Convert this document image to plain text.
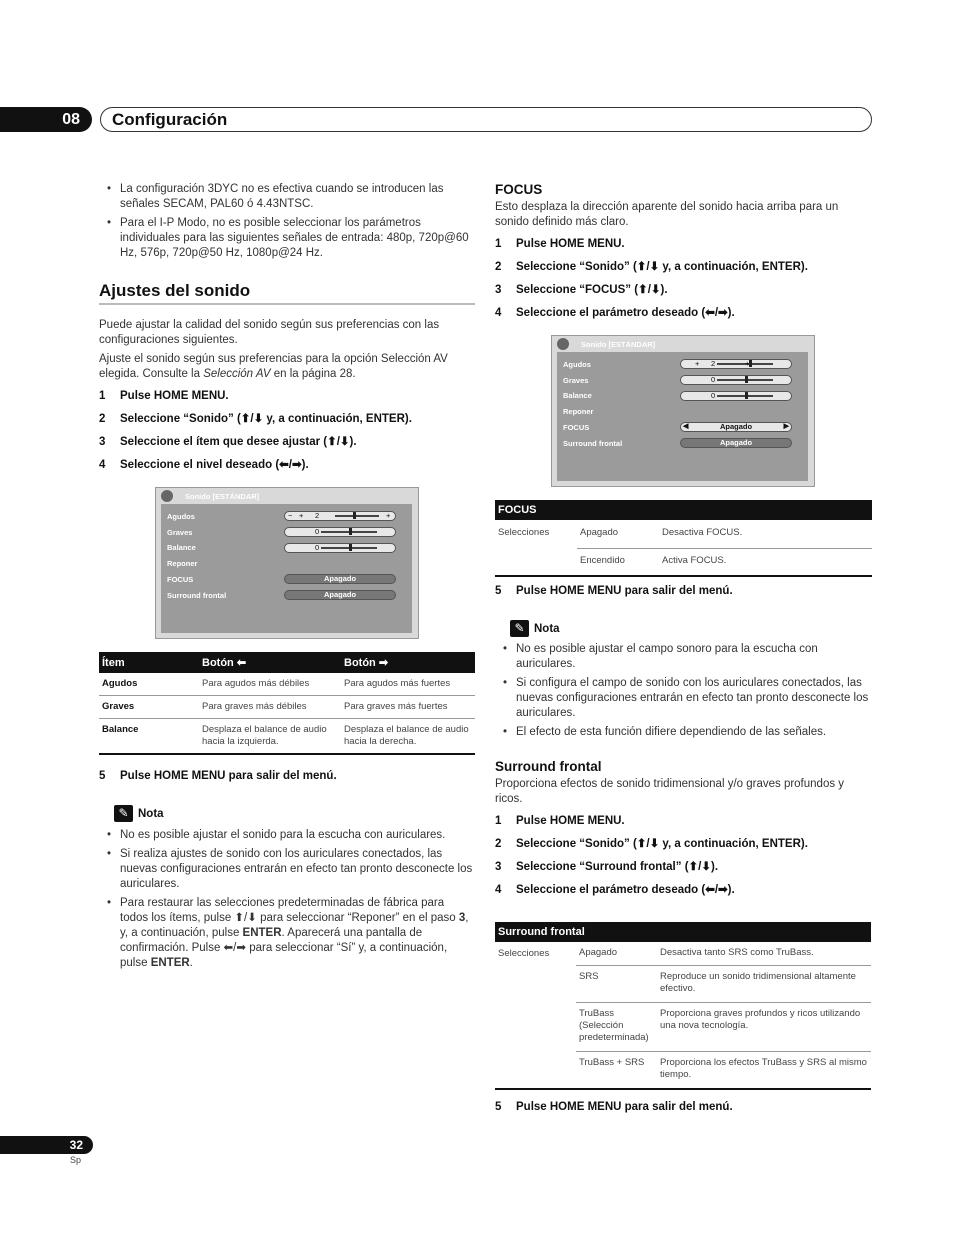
08	Configuración
• La configuración 3DYC no es efectiva cuando se introducen las señales SECAM, PAL60 ó 4.43NTSC.
• Para el I-P Modo, no es posible seleccionar los parámetros individuales para las siguientes señales de entrada: 480p, 720p@60 Hz, 576p, 720p@50 Hz, 1080p@24 Hz.
Ajustes del sonido
Puede ajustar la calidad del sonido según sus preferencias con las configuraciones siguientes.
Ajuste el sonido según sus preferencias para la opción Selección AV elegida. Consulte la Selección AV en la página 28.
1 Pulse HOME MENU.
2 Seleccione “Sonido” (⬆/⬇ y, a continuación, ENTER).
3 Seleccione el ítem que desee ajustar (⬆/⬇).
4 Seleccione el nivel deseado (⬅/➡).
Sonido [ESTÁNDAR]
Agudos
Graves
Balance
Reponer
FOCUS
Surround frontal
− + 2	+
0
0
Apagado
Apagado
Ítem	Botón ⬅	Botón ➡
Agudos	Para agudos más débiles	Para agudos más fuertes
Graves	Para graves más débiles	Para graves más fuertes
Balance	Desplaza el balance de audio hacia la izquierda.	Desplaza el balance de audio hacia la derecha.
5 Pulse HOME MENU para salir del menú.
✎ Nota
• No es posible ajustar el sonido para la escucha con auriculares.
• Si realiza ajustes de sonido con los auriculares conectados, las nuevas configuraciones entrarán en efecto tan pronto desconecte los auriculares.
• Para restaurar las selecciones predeterminadas de fábrica para todos los ítems, pulse ⬆/⬇ para seleccionar “Reponer” en el paso 3, y, a continuación, pulse ENTER. Aparecerá una pantalla de confirmación. Pulse ⬅/➡ para seleccionar “Sí” y, a continuación, pulse ENTER.
FOCUS
Esto desplaza la dirección aparente del sonido hacia arriba para un sonido definido más claro.
1 Pulse HOME MENU.
2 Seleccione “Sonido” (⬆/⬇ y, a continuación, ENTER).
3 Seleccione “FOCUS” (⬆/⬇).
4 Seleccione el parámetro deseado (⬅/➡).
Sonido [ESTÁNDAR]
Agudos
Graves
Balance
Reponer
FOCUS
Surround frontal
+ 2	+
0
0
◀	Apagado	▶
Apagado
FOCUS		
Selecciones	Apagado	Desactiva FOCUS.
	Encendido	Activa FOCUS.
5 Pulse HOME MENU para salir del menú.
✎ Nota
• No es posible ajustar el campo sonoro para la escucha con auriculares.
• Si configura el campo de sonido con los auriculares conectados, las nuevas configuraciones entrarán en efecto tan pronto desconecte los auriculares.
• El efecto de esta función difiere dependiendo de las señales.
Surround frontal
Proporciona efectos de sonido tridimensional y/o graves profundos y ricos.
1 Pulse HOME MENU.
2 Seleccione “Sonido” (⬆/⬇ y, a continuación, ENTER).
3 Seleccione “Surround frontal” (⬆/⬇).
4 Seleccione el parámetro deseado (⬅/➡).
Surround frontal		
Selecciones	Apagado	Desactiva tanto SRS como TruBass.
	SRS	Reproduce un sonido tridimensional altamente efectivo.
	TruBass (Selección predeterminada)	Proporciona graves profundos y ricos utilizando una nova tecnología.
	TruBass + SRS	Proporciona los efectos TruBass y SRS al mismo tiempo.
5 Pulse HOME MENU para salir del menú.
32
Sp
